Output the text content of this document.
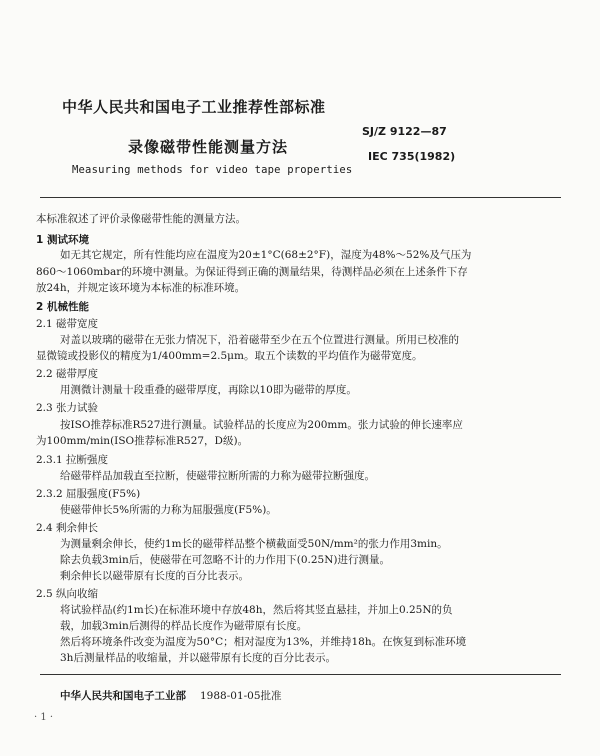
中华人民共和国电子工业推荐性部标准
SJ/Z 9122—87
录像磁带性能测量方法
IEC 735(1982)
Measuring methods for video tape properties
本标准叙述了评价录像磁带性能的测量方法。
1 测试环境
如无其它规定，所有性能均应在温度为20±1°C(68±2°F)，湿度为48%～52%及气压为
860～1060mbar的环境中测量。为保证得到正确的测量结果，待测样品必须在上述条件下存
放24h，并规定该环境为本标准的标准环境。
2 机械性能
2.1 磁带宽度
对盖以玻璃的磁带在无张力情况下，沿着磁带至少在五个位置进行测量。所用已校准的
显微镜或投影仪的精度为1/400mm=2.5μm。取五个读数的平均值作为磁带宽度。
2.2 磁带厚度
用测微计测量十段重叠的磁带厚度，再除以10即为磁带的厚度。
2.3 张力试验
按ISO推荐标准R527进行测量。试验样品的长度应为200mm。张力试验的伸长速率应
为100mm/min(ISO推荐标准R527，D级)。
2.3.1 拉断强度
给磁带样品加载直至拉断，使磁带拉断所需的力称为磁带拉断强度。
2.3.2 屈服强度(F5%)
使磁带伸长5%所需的力称为屈服强度(F5%)。
2.4 剩余伸长
为测量剩余伸长，使约1m长的磁带样品整个横截面受50N/mm²的张力作用3min。
除去负载3min后，使磁带在可忽略不计的力作用下(0.25N)进行测量。
剩余伸长以磁带原有长度的百分比表示。
2.5 纵向收缩
将试验样品(约1m长)在标准环境中存放48h，然后将其竖直悬挂，并加上0.25N的负
载，加载3min后测得的样品长度作为磁带原有长度。
然后将环境条件改变为温度为50°C；相对湿度为13%，并维持18h。在恢复到标准环境
3h后测量样品的收缩量，并以磁带原有长度的百分比表示。
中华人民共和国电子工业部 1988-01-05批准
· 1 ·
